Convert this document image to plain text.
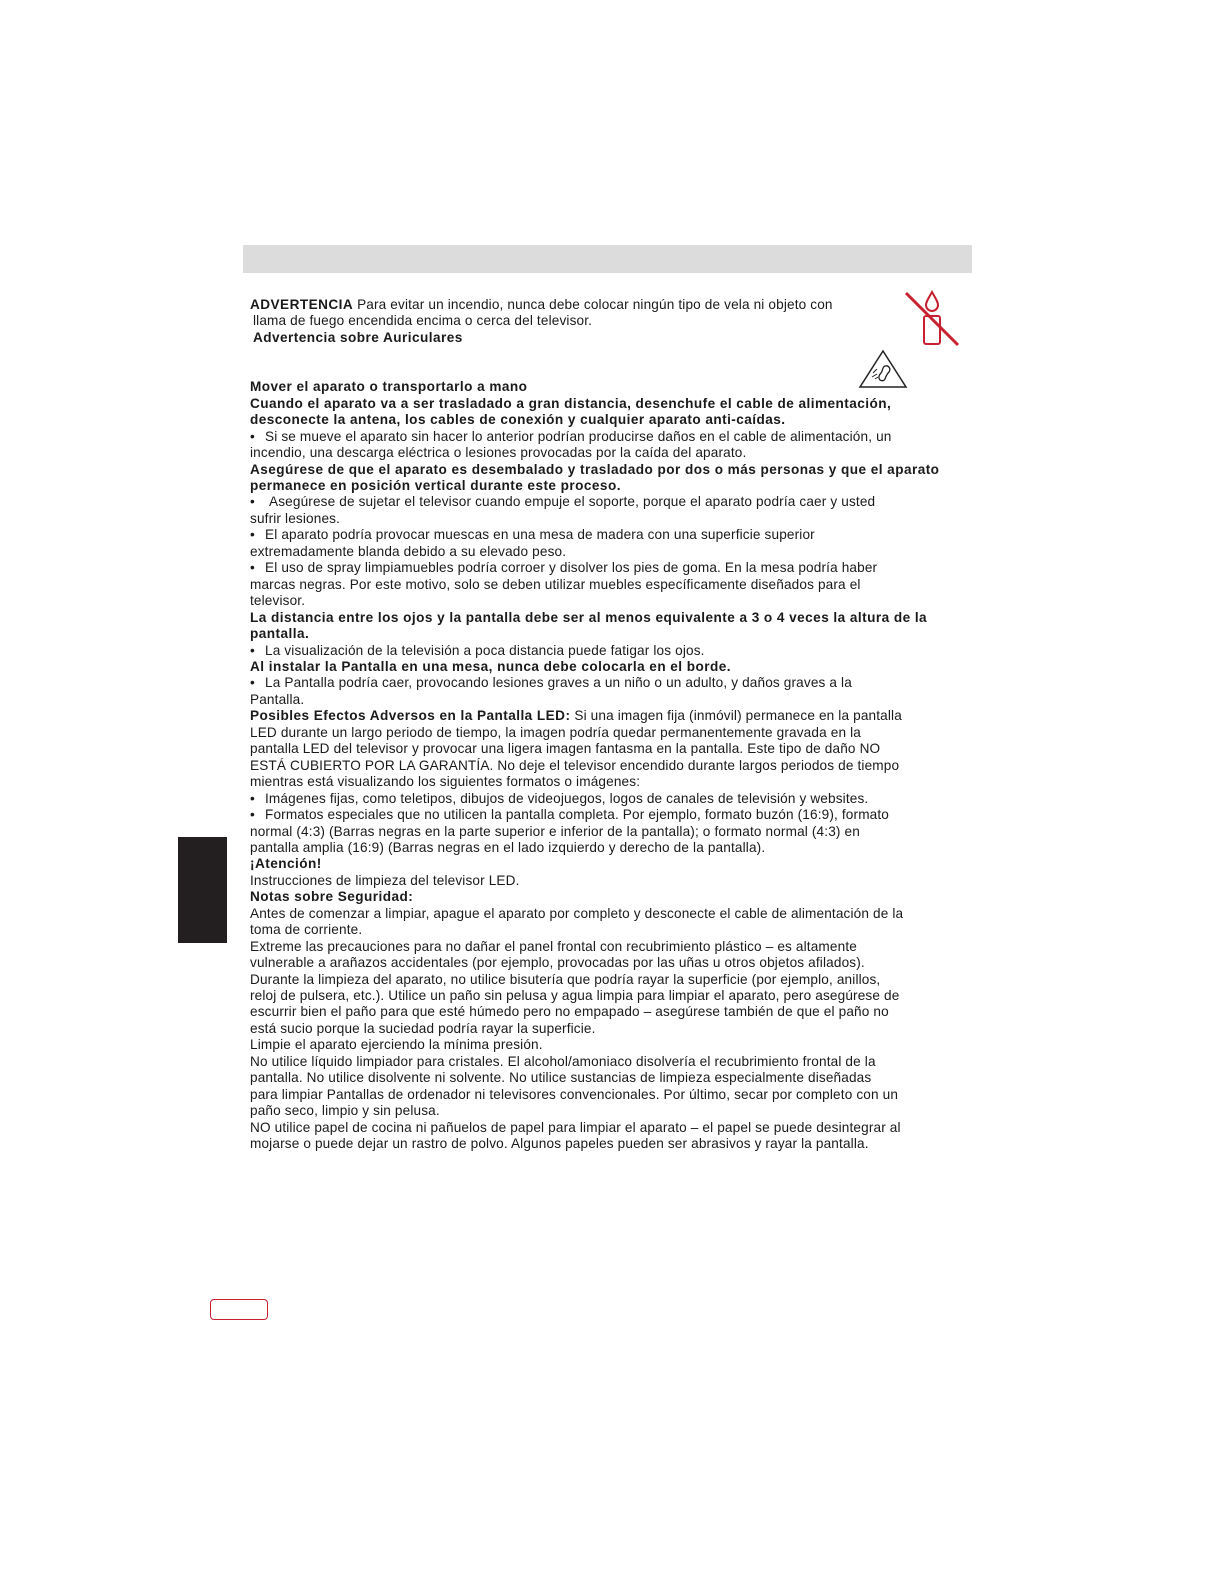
ADVERTENCIA Para evitar un incendio, nunca debe colocar ningún tipo de vela ni objeto con

llama de fuego encendida encima o cerca del televisor.

Advertencia sobre Auriculares

Mover el aparato o transportarlo a mano

Cuando el aparato va a ser trasladado a gran distancia, desenchufe el cable de alimentación,

desconecte la antena, los cables de conexión y cualquier aparato anti-caídas.

• Si se mueve el aparato sin hacer lo anterior podrían producirse daños en el cable de alimentación, un

incendio, una descarga eléctrica o lesiones provocadas por la caída del aparato.

Asegúrese de que el aparato es desembalado y trasladado por dos o más personas y que el aparato

permanece en posición vertical durante este proceso.

• Asegúrese de sujetar el televisor cuando empuje el soporte, porque el aparato podría caer y usted

sufrir lesiones.

• El aparato podría provocar muescas en una mesa de madera con una superficie superior

extremadamente blanda debido a su elevado peso.

• El uso de spray limpiamuebles podría corroer y disolver los pies de goma. En la mesa podría haber

marcas negras. Por este motivo, solo se deben utilizar muebles específicamente diseñados para el

televisor.

La distancia entre los ojos y la pantalla debe ser al menos equivalente a 3 o 4 veces la altura de la

pantalla.

• La visualización de la televisión a poca distancia puede fatigar los ojos.

Al instalar la Pantalla en una mesa, nunca debe colocarla en el borde.

• La Pantalla podría caer, provocando lesiones graves a un niño o un adulto, y daños graves a la

Pantalla.

Posibles Efectos Adversos en la Pantalla LED: Si una imagen fija (inmóvil) permanece en la pantalla

LED durante un largo periodo de tiempo, la imagen podría quedar permanentemente gravada en la

pantalla LED del televisor y provocar una ligera imagen fantasma en la pantalla. Este tipo de daño NO

ESTÁ CUBIERTO POR LA GARANTÍA. No deje el televisor encendido durante largos periodos de tiempo

mientras está visualizando los siguientes formatos o imágenes:

• Imágenes fijas, como teletipos, dibujos de videojuegos, logos de canales de televisión y websites.

• Formatos especiales que no utilicen la pantalla completa. Por ejemplo, formato buzón (16:9), formato

normal (4:3) (Barras negras en la parte superior e inferior de la pantalla); o formato normal (4:3) en

pantalla amplia (16:9) (Barras negras en el lado izquierdo y derecho de la pantalla).

¡Atención!

Instrucciones de limpieza del televisor LED.

Notas sobre Seguridad:

Antes de comenzar a limpiar, apague el aparato por completo y desconecte el cable de alimentación de la

toma de corriente.

Extreme las precauciones para no dañar el panel frontal con recubrimiento plástico – es altamente

vulnerable a arañazos accidentales (por ejemplo, provocadas por las uñas u otros objetos afilados).

Durante la limpieza del aparato, no utilice bisutería que podría rayar la superficie (por ejemplo, anillos,

reloj de pulsera, etc.). Utilice un paño sin pelusa y agua limpia para limpiar el aparato, pero asegúrese de

escurrir bien el paño para que esté húmedo pero no empapado – asegúrese también de que el paño no

está sucio porque la suciedad podría rayar la superficie.

Limpie el aparato ejerciendo la mínima presión.

No utilice líquido limpiador para cristales. El alcohol/amoniaco disolvería el recubrimiento frontal de la

pantalla. No utilice disolvente ni solvente. No utilice sustancias de limpieza especialmente diseñadas

para limpiar Pantallas de ordenador ni televisores convencionales. Por último, secar por completo con un

paño seco, limpio y sin pelusa.

NO utilice papel de cocina ni pañuelos de papel para limpiar el aparato – el papel se puede desintegrar al

mojarse o puede dejar un rastro de polvo. Algunos papeles pueden ser abrasivos y rayar la pantalla.
